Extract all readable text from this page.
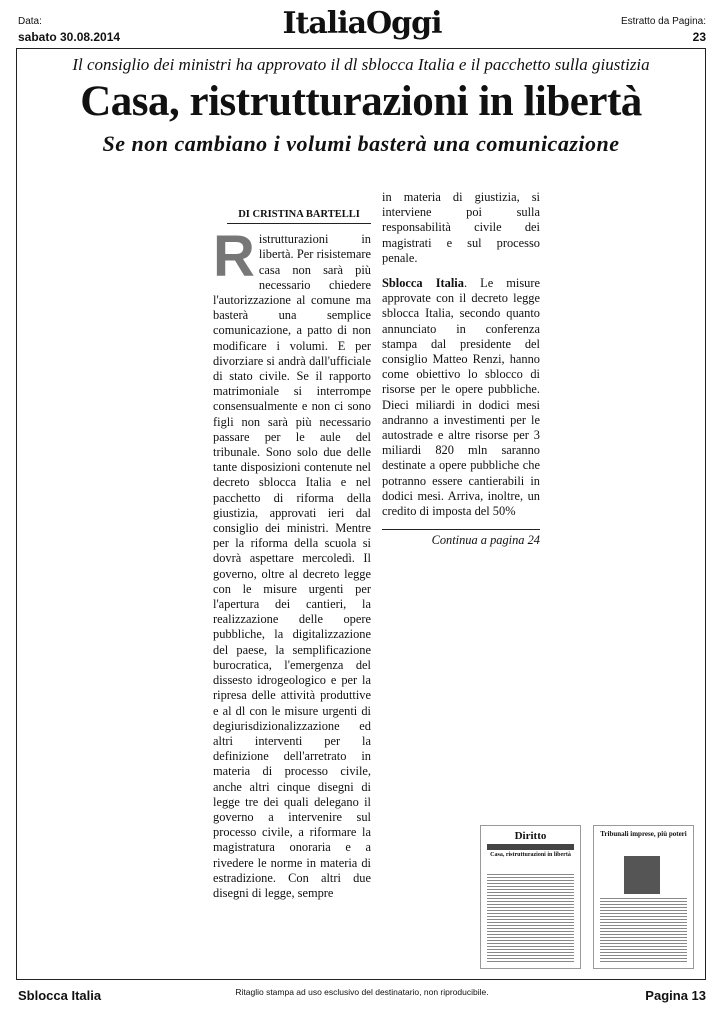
Data:
sabato 30.08.2014	ItaliaOggi	Estratto da Pagina:
23
Il consiglio dei ministri ha approvato il dl sblocca Italia e il pacchetto sulla giustizia
Casa, ristrutturazioni in libertà
Se non cambiano i volumi basterà una comunicazione
DI CRISTINA BARTELLI
R istrutturazioni in libertà. Per risistemare casa non sarà più necessario chiedere l'autorizzazione al comune ma basterà una semplice comunicazione, a patto di non modificare i volumi. E per divorziare si andrà dall'ufficiale di stato civile. Se il rapporto matrimoniale si interrompe consensualmente e non ci sono figli non sarà più necessario passare per le aule del tribunale. Sono solo due delle tante disposizioni contenute nel decreto sblocca Italia e nel pacchetto di riforma della giustizia, approvati ieri dal consiglio dei ministri. Mentre per la riforma della scuola si dovrà aspettare mercoledì. Il governo, oltre al decreto legge con le misure urgenti per l'apertura dei cantieri, la realizzazione delle opere pubbliche, la digitalizzazione del paese, la semplificazione burocratica, l'emergenza del dissesto idrogeologico e per la ripresa delle attività produttive e al dl con le misure urgenti di degiurisdizionalizzazione ed altri interventi per la definizione dell'arretrato in materia di processo civile, anche altri cinque disegni di legge tre dei quali delegano il governo a intervenire sul processo civile, a riformare la magistratura onoraria e a rivedere le norme in materia di estradizione. Con altri due disegni di legge, sempre

in materia di giustizia, si interviene poi sulla responsabilità civile dei magistrati e sul processo penale.

Sblocca Italia. Le misure approvate con il decreto legge sblocca Italia, secondo quanto annunciato in conferenza stampa dal presidente del consiglio Matteo Renzi, hanno come obiettivo lo sblocco di risorse per le opere pubbliche. Dieci miliardi in dodici mesi andranno a investimenti per le autostrade e altre risorse per 3 miliardi 820 mln saranno destinate a opere pubbliche che potranno essere cantierabili in dodici mesi. Arriva, inoltre, un credito di imposta del 50%

Continua a pagina 24
Diritto
Casa, ristrutturazioni in libertà
Tribunali imprese, più poteri
Sblocca Italia	Ritaglio stampa ad uso esclusivo del destinatario, non riproducibile.	Pagina 13
